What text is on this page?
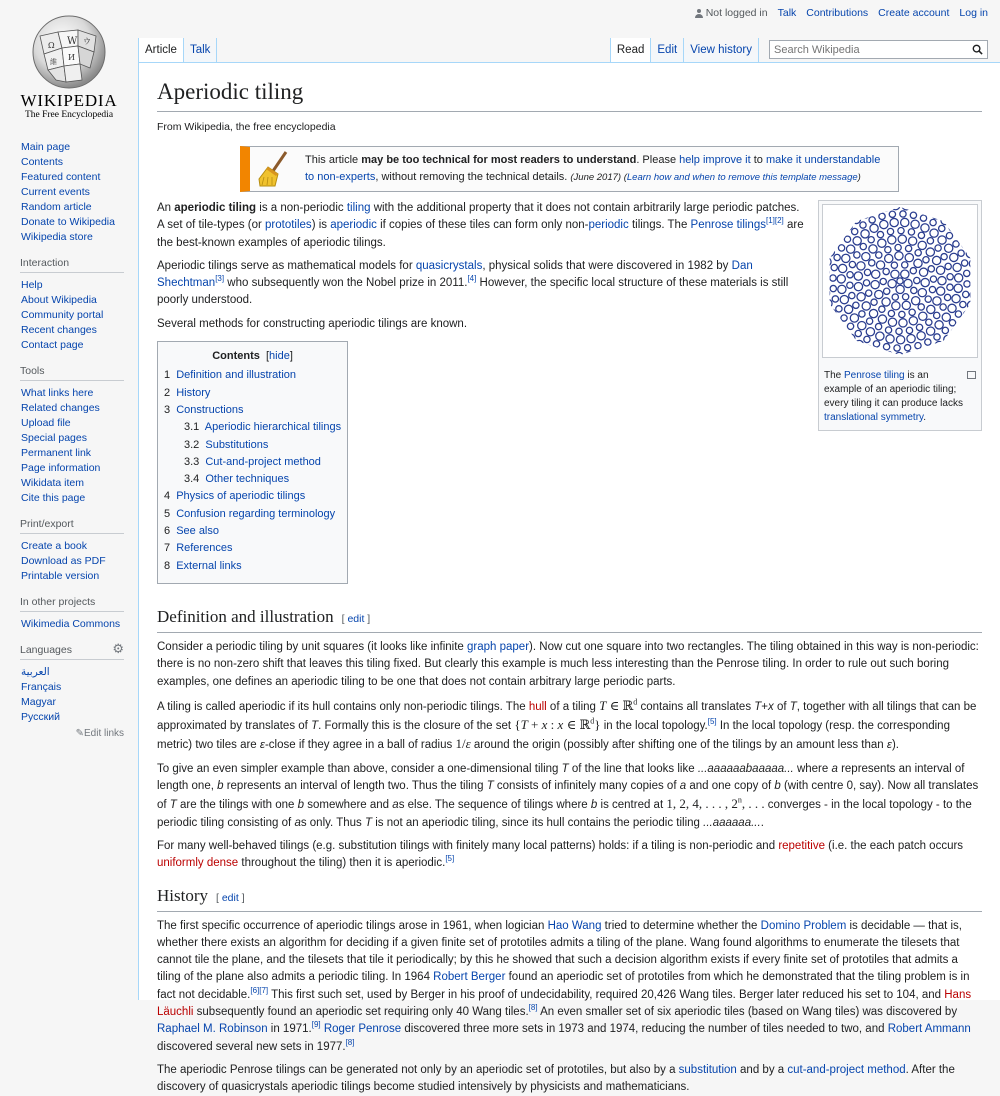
Not logged in Talk Contributions Create account Log in
W
Ω	ウ
И
維
WIKIPEDIA
The Free Encyclopedia
Article	Talk	Read	Edit	View history
Search Wikipedia
Main page
Contents
Featured content
Current events
Random article
Donate to Wikipedia
Wikipedia store
Interaction
Help
About Wikipedia
Community portal
Recent changes
Contact page
Tools
What links here
Related changes
Upload file
Special pages
Permanent link
Page information
Wikidata item
Cite this page
Print/export
Create a book
Download as PDF
Printable version
In other projects
Wikimedia Commons
Languages	⚙
العربية
Français
Magyar
Русский
✎Edit links
Aperiodic tiling
From Wikipedia, the free encyclopedia
This article may be too technical for most readers to understand. Please help improve it to make it understandable to non-experts, without removing the technical details. (June 2017) (Learn how and when to remove this template message)
The Penrose tiling is an example of an aperiodic tiling; every tiling it can produce lacks translational symmetry.

An aperiodic tiling is a non-periodic tiling with the additional property that it does not contain arbitrarily large periodic patches. A set of tile-types (or prototiles) is aperiodic if copies of these tiles can form only non-periodic tilings. The Penrose tilings[1][2] are the best-known examples of aperiodic tilings.

Aperiodic tilings serve as mathematical models for quasicrystals, physical solids that were discovered in 1982 by Dan Shechtman[3] who subsequently won the Nobel prize in 2011.[4] However, the specific local structure of these materials is still poorly understood.

Several methods for constructing aperiodic tilings are known.

Contents [hide]
1 Definition and illustration
2 History
3 Constructions
3.1 Aperiodic hierarchical tilings
3.2 Substitutions
3.3 Cut-and-project method
3.4 Other techniques
4 Physics of aperiodic tilings
5 Confusion regarding terminology
6 See also
7 References
8 External links
Definition and illustration [ edit ]

Consider a periodic tiling by unit squares (it looks like infinite graph paper). Now cut one square into two rectangles. The tiling obtained in this way is non-periodic: there is no non-zero shift that leaves this tiling fixed. But clearly this example is much less interesting than the Penrose tiling. In order to rule out such boring examples, one defines an aperiodic tiling to be one that does not contain arbitrary large periodic parts.

A tiling is called aperiodic if its hull contains only non-periodic tilings. The hull of a tiling T ∈ ℝ$^d$ contains all translates T+x of T, together with all tilings that can be approximated by translates of T. Formally this is the closure of the set {T + x : x ∈ ℝ$^d$} in the local topology.[5] In the local topology (resp. the corresponding metric) two tiles are ε-close if they agree in a ball of radius 1/ε around the origin (possibly after shifting one of the tilings by an amount less than ε).

To give an even simpler example than above, consider a one-dimensional tiling T of the line that looks like ...aaaaaabaaaaa... where a represents an interval of length one, b represents an interval of length two. Thus the tiling T consists of infinitely many copies of a and one copy of b (with centre 0, say). Now all translates of T are the tilings with one b somewhere and as else. The sequence of tilings where b is centred at 1, 2, 4, . . . , 2$^n$, . . . converges - in the local topology - to the periodic tiling consisting of as only. Thus T is not an aperiodic tiling, since its hull contains the periodic tiling ...aaaaaa....

For many well-behaved tilings (e.g. substitution tilings with finitely many local patterns) holds: if a tiling is non-periodic and repetitive (i.e. the each patch occurs uniformly dense throughout the tiling) then it is aperiodic.[5]

History [ edit ]

The first specific occurrence of aperiodic tilings arose in 1961, when logician Hao Wang tried to determine whether the Domino Problem is decidable — that is, whether there exists an algorithm for deciding if a given finite set of prototiles admits a tiling of the plane. Wang found algorithms to enumerate the tilesets that cannot tile the plane, and the tilesets that tile it periodically; by this he showed that such a decision algorithm exists if every finite set of prototiles that admits a tiling of the plane also admits a periodic tiling. In 1964 Robert Berger found an aperiodic set of prototiles from which he demonstrated that the tiling problem is in fact not decidable.[6][7] This first such set, used by Berger in his proof of undecidability, required 20,426 Wang tiles. Berger later reduced his set to 104, and Hans Läuchli subsequently found an aperiodic set requiring only 40 Wang tiles.[8] An even smaller set of six aperiodic tiles (based on Wang tiles) was discovered by Raphael M. Robinson in 1971.[9] Roger Penrose discovered three more sets in 1973 and 1974, reducing the number of tiles needed to two, and Robert Ammann discovered several new sets in 1977.[8]

The aperiodic Penrose tilings can be generated not only by an aperiodic set of prototiles, but also by a substitution and by a cut-and-project method. After the discovery of quasicrystals aperiodic tilings become studied intensively by physicists and mathematicians.
